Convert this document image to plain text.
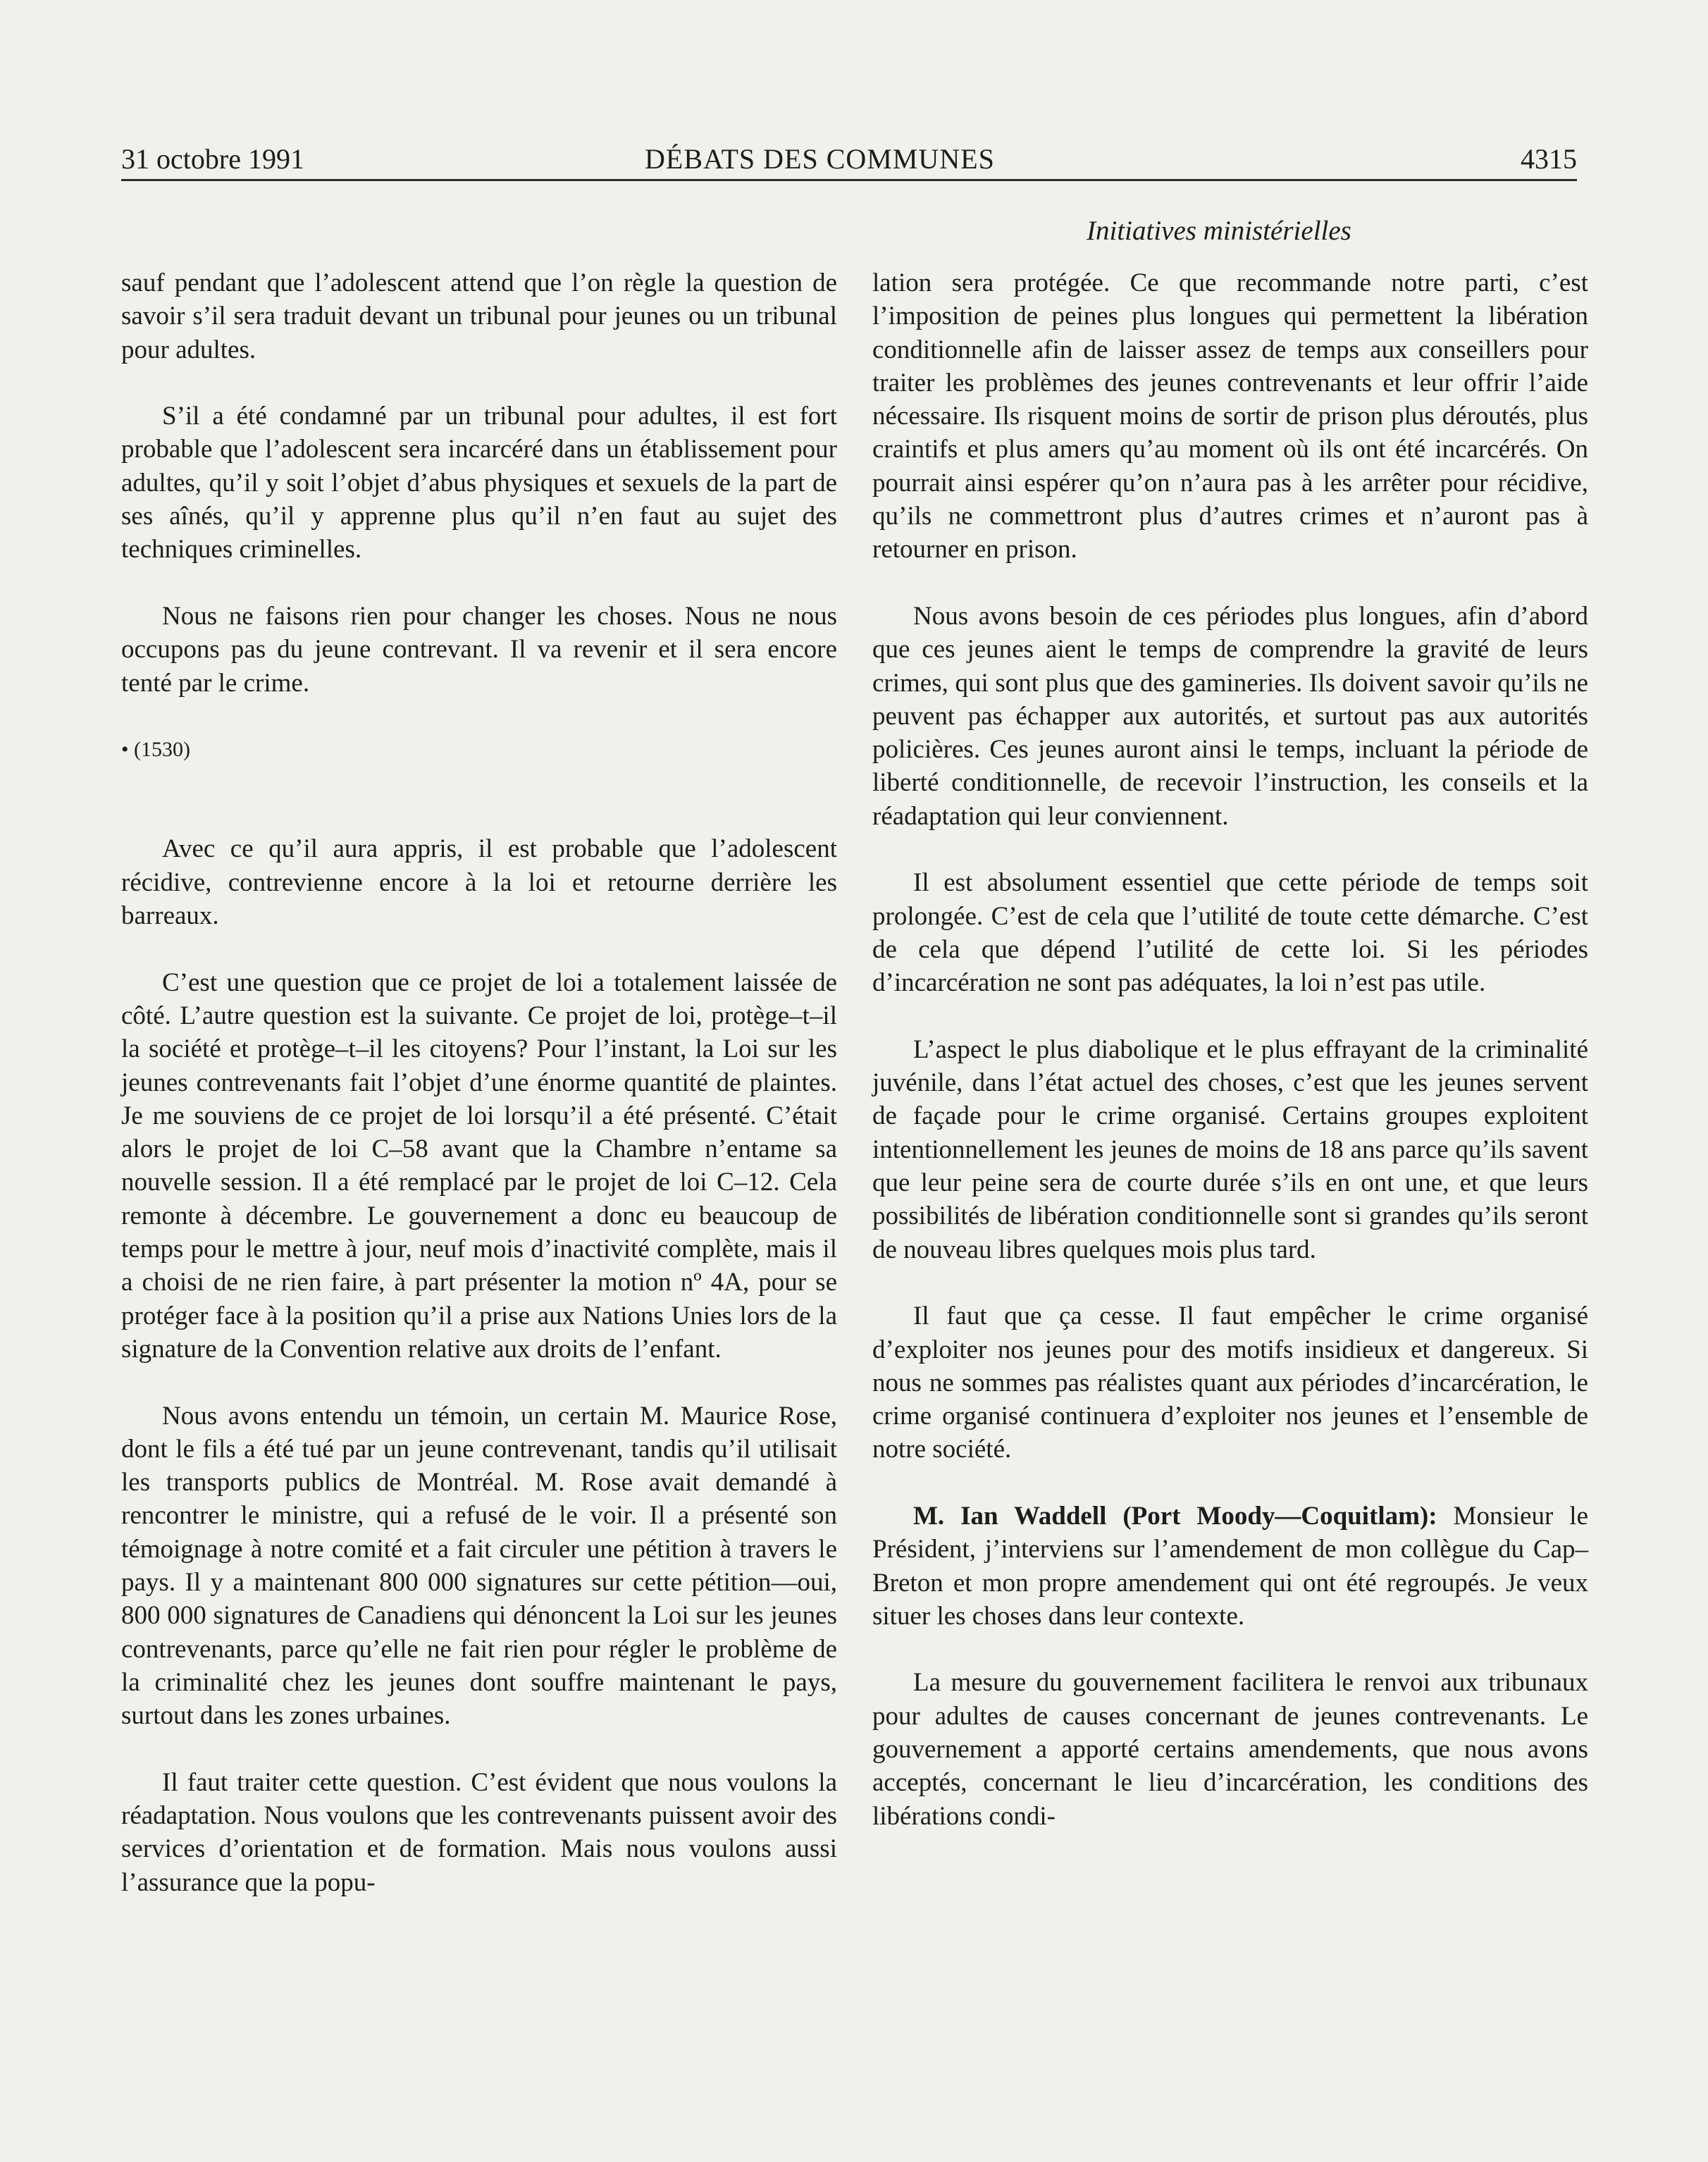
31 octobre 1991	DÉBATS DES COMMUNES	4315
Initiatives ministérielles

sauf pendant que l’adolescent attend que l’on règle la question de savoir s’il sera traduit devant un tribunal pour jeunes ou un tribunal pour adultes.

S’il a été condamné par un tribunal pour adultes, il est fort probable que l’adolescent sera incarcéré dans un établissement pour adultes, qu’il y soit l’objet d’abus physiques et sexuels de la part de ses aînés, qu’il y apprenne plus qu’il n’en faut au sujet des techniques criminelles.

Nous ne faisons rien pour changer les choses. Nous ne nous occupons pas du jeune contrevant. Il va revenir et il sera encore tenté par le crime.

• (1530)

Avec ce qu’il aura appris, il est probable que l’adolescent récidive, contrevienne encore à la loi et retourne derrière les barreaux.

C’est une question que ce projet de loi a totalement laissée de côté. L’autre question est la suivante. Ce projet de loi, protège–t–il la société et protège–t–il les citoyens? Pour l’instant, la Loi sur les jeunes contrevenants fait l’objet d’une énorme quantité de plaintes. Je me souviens de ce projet de loi lorsqu’il a été présenté. C’était alors le projet de loi C–58 avant que la Chambre n’entame sa nouvelle session. Il a été remplacé par le projet de loi C–12. Cela remonte à décembre. Le gouvernement a donc eu beaucoup de temps pour le mettre à jour, neuf mois d’inactivité complète, mais il a choisi de ne rien faire, à part présenter la motion nº 4A, pour se protéger face à la position qu’il a prise aux Nations Unies lors de la signature de la Convention relative aux droits de l’enfant.

Nous avons entendu un témoin, un certain M. Maurice Rose, dont le fils a été tué par un jeune contrevenant, tandis qu’il utilisait les transports publics de Montréal. M. Rose avait demandé à rencontrer le ministre, qui a refusé de le voir. Il a présenté son témoignage à notre comité et a fait circuler une pétition à travers le pays. Il y a maintenant 800 000 signatures sur cette pétition—oui, 800 000 signatures de Canadiens qui dénoncent la Loi sur les jeunes contrevenants, parce qu’elle ne fait rien pour régler le problème de la criminalité chez les jeunes dont souffre maintenant le pays, surtout dans les zones urbaines.

Il faut traiter cette question. C’est évident que nous voulons la réadaptation. Nous voulons que les contrevenants puissent avoir des services d’orientation et de formation. Mais nous voulons aussi l’assurance que la popu-

lation sera protégée. Ce que recommande notre parti, c’est l’imposition de peines plus longues qui permettent la libération conditionnelle afin de laisser assez de temps aux conseillers pour traiter les problèmes des jeunes contrevenants et leur offrir l’aide nécessaire. Ils risquent moins de sortir de prison plus déroutés, plus craintifs et plus amers qu’au moment où ils ont été incarcérés. On pourrait ainsi espérer qu’on n’aura pas à les arrêter pour récidive, qu’ils ne commettront plus d’autres crimes et n’auront pas à retourner en prison.

Nous avons besoin de ces périodes plus longues, afin d’abord que ces jeunes aient le temps de comprendre la gravité de leurs crimes, qui sont plus que des gamineries. Ils doivent savoir qu’ils ne peuvent pas échapper aux autorités, et surtout pas aux autorités policières. Ces jeunes auront ainsi le temps, incluant la période de liberté conditionnelle, de recevoir l’instruction, les conseils et la réadaptation qui leur conviennent.

Il est absolument essentiel que cette période de temps soit prolongée. C’est de cela que l’utilité de toute cette démarche. C’est de cela que dépend l’utilité de cette loi. Si les périodes d’incarcération ne sont pas adéquates, la loi n’est pas utile.

L’aspect le plus diabolique et le plus effrayant de la criminalité juvénile, dans l’état actuel des choses, c’est que les jeunes servent de façade pour le crime organisé. Certains groupes exploitent intentionnellement les jeunes de moins de 18 ans parce qu’ils savent que leur peine sera de courte durée s’ils en ont une, et que leurs possibilités de libération conditionnelle sont si grandes qu’ils seront de nouveau libres quelques mois plus tard.

Il faut que ça cesse. Il faut empêcher le crime organisé d’exploiter nos jeunes pour des motifs insidieux et dangereux. Si nous ne sommes pas réalistes quant aux périodes d’incarcération, le crime organisé continuera d’exploiter nos jeunes et l’ensemble de notre société.

M. Ian Waddell (Port Moody—Coquitlam): Monsieur le Président, j’interviens sur l’amendement de mon collègue du Cap–Breton et mon propre amendement qui ont été regroupés. Je veux situer les choses dans leur contexte.

La mesure du gouvernement facilitera le renvoi aux tribunaux pour adultes de causes concernant de jeunes contrevenants. Le gouvernement a apporté certains amendements, que nous avons acceptés, concernant le lieu d’incarcération, les conditions des libérations condi-
